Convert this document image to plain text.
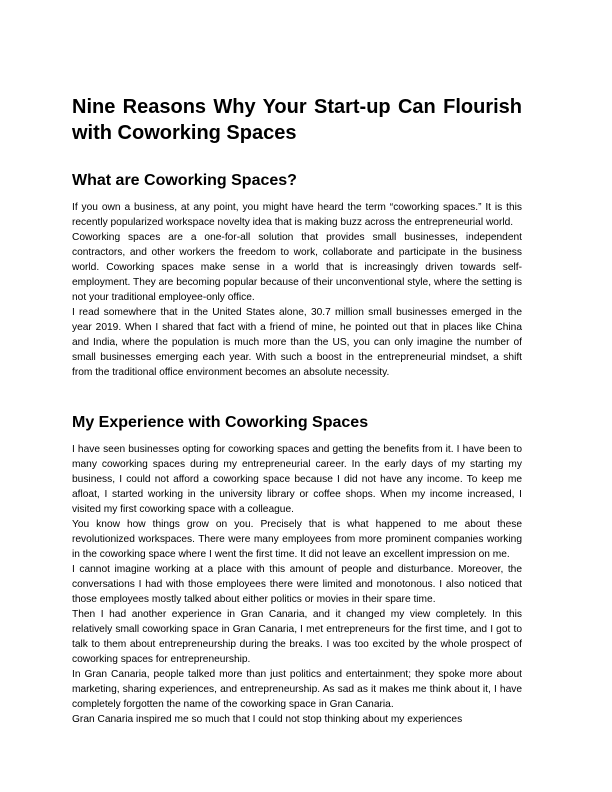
Nine Reasons Why Your Start-up Can Flourish with Coworking Spaces
What are Coworking Spaces?

If you own a business, at any point, you might have heard the term “coworking spaces.” It is this recently popularized workspace novelty idea that is making buzz across the entrepreneurial world.

Coworking spaces are a one-for-all solution that provides small businesses, independent contractors, and other workers the freedom to work, collaborate and participate in the business world. Coworking spaces make sense in a world that is increasingly driven towards self-employment. They are becoming popular because of their unconventional style, where the setting is not your traditional employee-only office.

I read somewhere that in the United States alone, 30.7 million small businesses emerged in the year 2019. When I shared that fact with a friend of mine, he pointed out that in places like China and India, where the population is much more than the US, you can only imagine the number of small businesses emerging each year. With such a boost in the entrepreneurial mindset, a shift from the traditional office environment becomes an absolute necessity.

My Experience with Coworking Spaces

I have seen businesses opting for coworking spaces and getting the benefits from it. I have been to many coworking spaces during my entrepreneurial career. In the early days of my starting my business, I could not afford a coworking space because I did not have any income. To keep me afloat, I started working in the university library or coffee shops. When my income increased, I visited my first coworking space with a colleague.

You know how things grow on you. Precisely that is what happened to me about these revolutionized workspaces. There were many employees from more prominent companies working in the coworking space where I went the first time. It did not leave an excellent impression on me.

I cannot imagine working at a place with this amount of people and disturbance. Moreover, the conversations I had with those employees there were limited and monotonous. I also noticed that those employees mostly talked about either politics or movies in their spare time.

Then I had another experience in Gran Canaria, and it changed my view completely. In this relatively small coworking space in Gran Canaria, I met entrepreneurs for the first time, and I got to talk to them about entrepreneurship during the breaks. I was too excited by the whole prospect of coworking spaces for entrepreneurship.

In Gran Canaria, people talked more than just politics and entertainment; they spoke more about marketing, sharing experiences, and entrepreneurship. As sad as it makes me think about it, I have completely forgotten the name of the coworking space in Gran Canaria.

Gran Canaria inspired me so much that I could not stop thinking about my experiences
